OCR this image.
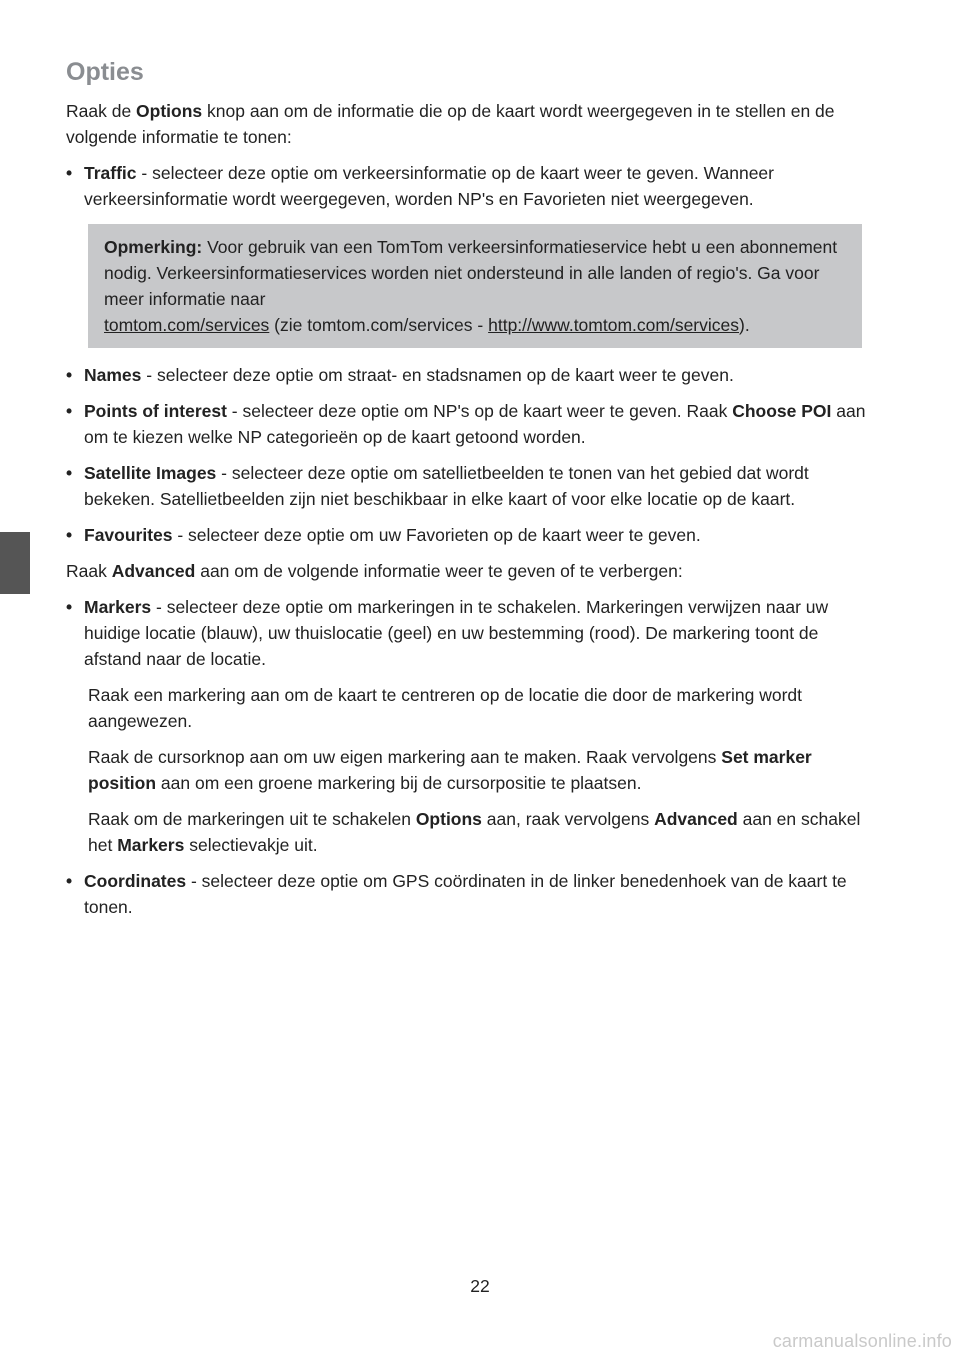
Opties

Raak de Options knop aan om de informatie die op de kaart wordt weergegeven in te stellen en de volgende informatie te tonen:

• Traffic - selecteer deze optie om verkeersinformatie op de kaart weer te geven. Wanneer verkeersinformatie wordt weergegeven, worden NP's en Favorieten niet weergegeven.
Opmerking: Voor gebruik van een TomTom verkeersinformatieservice hebt u een abonnement nodig. Verkeersinformatieservices worden niet ondersteund in alle landen of regio's. Ga voor meer informatie naar
tomtom.com/services (zie tomtom.com/services - http://www.tomtom.com/services).
• Names - selecteer deze optie om straat- en stadsnamen op de kaart weer te geven.
• Points of interest - selecteer deze optie om NP's op de kaart weer te geven. Raak Choose POI aan om te kiezen welke NP categorieën op de kaart getoond worden.
• Satellite Images - selecteer deze optie om satellietbeelden te tonen van het gebied dat wordt bekeken. Satellietbeelden zijn niet beschikbaar in elke kaart of voor elke locatie op de kaart.
• Favourites - selecteer deze optie om uw Favorieten op de kaart weer te geven.

Raak Advanced aan om de volgende informatie weer te geven of te verbergen:

• Markers - selecteer deze optie om markeringen in te schakelen. Markeringen verwijzen naar uw huidige locatie (blauw), uw thuislocatie (geel) en uw bestemming (rood). De markering toont de afstand naar de locatie.

Raak een markering aan om de kaart te centreren op de locatie die door de markering wordt aangewezen.

Raak de cursorknop aan om uw eigen markering aan te maken. Raak vervolgens Set marker position aan om een groene markering bij de cursorpositie te plaatsen.

Raak om de markeringen uit te schakelen Options aan, raak vervolgens Advanced aan en schakel het Markers selectievakje uit.

• Coordinates - selecteer deze optie om GPS coördinaten in de linker benedenhoek van de kaart te tonen.
22
carmanualsonline.info
